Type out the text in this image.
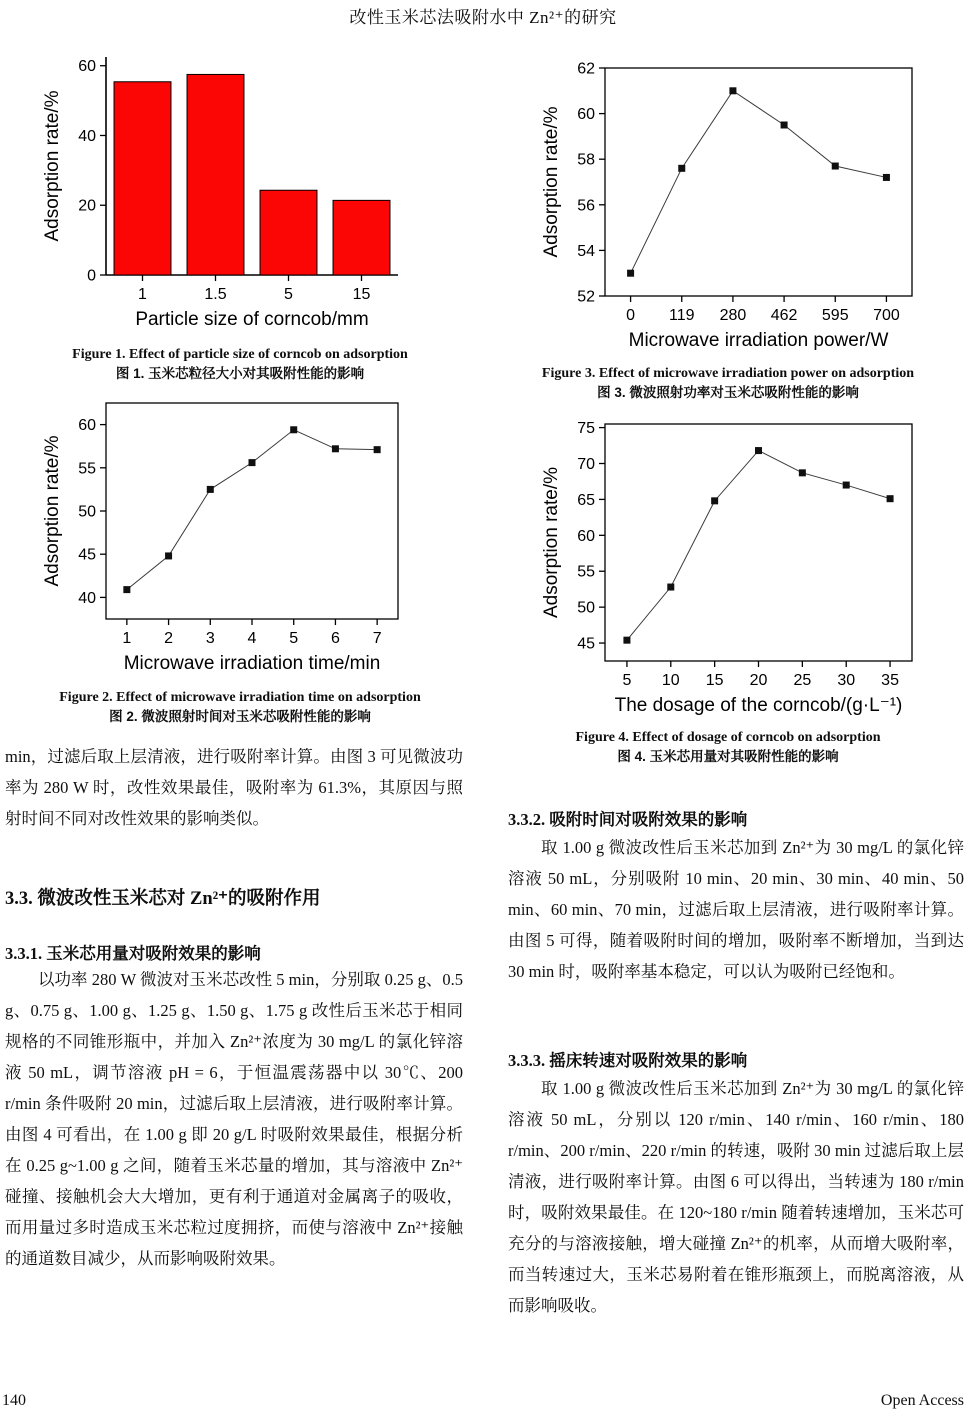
改性玉米芯法吸附水中 Zn²⁺的研究
0
20
40
60
1	1.5	5	15
Particle size of corncob/mm
Adsorption rate/%
Figure 1. Effect of particle size of corncob on adsorption
图 1. 玉米芯粒径大小对其吸附性能的影响
40
45
50
55
60
1 2 3 4 5 6 7
Microwave irradiation time/min
Adsorption rate/%
Figure 2. Effect of microwave irradiation time on adsorption
图 2. 微波照射时间对玉米芯吸附性能的影响
52
54
56
58
60
62
0 119 280 462 595 700
Microwave irradiation power/W
Adsorption rate/%
Figure 3. Effect of microwave irradiation power on adsorption
图 3. 微波照射功率对玉米芯吸附性能的影响
45
50
55
60
65
70
75
5 10 15 20 25 30 35
The dosage of the corncob/(g·L⁻¹)
Adsorption rate/%
Figure 4. Effect of dosage of corncob on adsorption
图 4. 玉米芯用量对其吸附性能的影响
min，过滤后取上层清液，进行吸附率计算。由图 3 可见微波功率为 280 W 时，改性效果最佳，吸附率为 61.3%，其原因与照射时间不同对改性效果的影响类似。
3.3. 微波改性玉米芯对 Zn²⁺的吸附作用
3.3.1. 玉米芯用量对吸附效果的影响
以功率 280 W 微波对玉米芯改性 5 min，分别取 0.25 g、0.5 g、0.75 g、1.00 g、1.25 g、1.50 g、1.75 g 改性后玉米芯于相同规格的不同锥形瓶中，并加入 Zn²⁺浓度为 30 mg/L 的氯化锌溶液 50 mL，调节溶液 pH = 6，于恒温震荡器中以 30℃、200 r/min 条件吸附 20 min，过滤后取上层清液，进行吸附率计算。由图 4 可看出，在 1.00 g 即 20 g/L 时吸附效果最佳，根据分析在 0.25 g~1.00 g 之间，随着玉米芯量的增加，其与溶液中 Zn²⁺碰撞、接触机会大大增加，更有利于通道对金属离子的吸收，而用量过多时造成玉米芯粒过度拥挤，而使与溶液中 Zn²⁺接触的通道数目减少，从而影响吸附效果。
3.3.2. 吸附时间对吸附效果的影响
取 1.00 g 微波改性后玉米芯加到 Zn²⁺为 30 mg/L 的氯化锌溶液 50 mL，分别吸附 10 min、20 min、30 min、40 min、50 min、60 min、70 min，过滤后取上层清液，进行吸附率计算。由图 5 可得，随着吸附时间的增加，吸附率不断增加，当到达 30 min 时，吸附率基本稳定，可以认为吸附已经饱和。
3.3.3. 摇床转速对吸附效果的影响
取 1.00 g 微波改性后玉米芯加到 Zn²⁺为 30 mg/L 的氯化锌溶液 50 mL，分别以 120 r/min、140 r/min、160 r/min、180 r/min、200 r/min、220 r/min 的转速，吸附 30 min 过滤后取上层清液，进行吸附率计算。由图 6 可以得出，当转速为 180 r/min 时，吸附效果最佳。在 120~180 r/min 随着转速增加，玉米芯可充分的与溶液接触，增大碰撞 Zn²⁺的机率，从而增大吸附率，而当转速过大，玉米芯易附着在锥形瓶颈上，而脱离溶液，从而影响吸收。
140	Open Access
